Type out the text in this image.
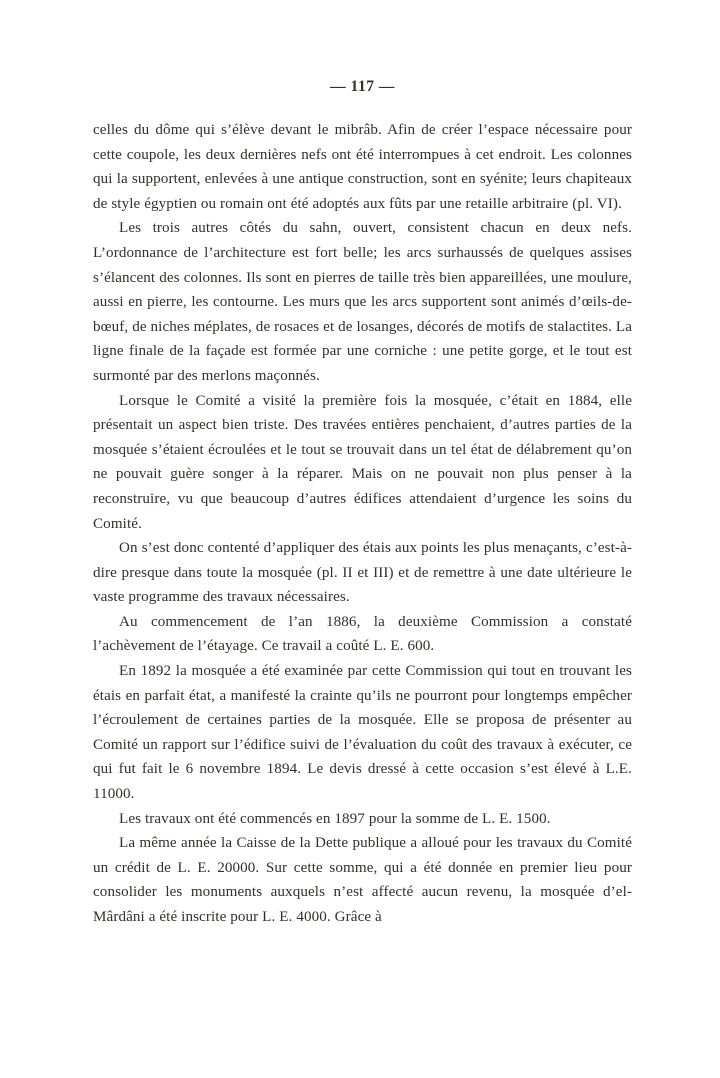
— 117 —

celles du dôme qui s’élève devant le mibrâb. Afin de créer l’espace nécessaire pour cette coupole, les deux dernières nefs ont été interrompues à cet endroit. Les colonnes qui la supportent, enlevées à une antique construction, sont en syénite; leurs chapiteaux de style égyptien ou romain ont été adoptés aux fûts par une retaille arbitraire (pl. VI).

Les trois autres côtés du sahn, ouvert, consistent chacun en deux nefs. L’ordonnance de l’architecture est fort belle; les arcs surhaussés de quelques assises s’élancent des colonnes. Ils sont en pierres de taille très bien appareillées, une moulure, aussi en pierre, les contourne. Les murs que les arcs supportent sont animés d’œils-de-bœuf, de niches méplates, de rosaces et de losanges, décorés de motifs de stalactites. La ligne finale de la façade est formée par une corniche : une petite gorge, et le tout est surmonté par des merlons maçonnés.

Lorsque le Comité a visité la première fois la mosquée, c’était en 1884, elle présentait un aspect bien triste. Des travées entières penchaient, d’autres parties de la mosquée s’étaient écroulées et le tout se trouvait dans un tel état de délabrement qu’on ne pouvait guère songer à la réparer. Mais on ne pouvait non plus penser à la reconstruire, vu que beaucoup d’autres édifices attendaient d’urgence les soins du Comité.

On s’est donc contenté d’appliquer des étais aux points les plus menaçants, c’est-à-dire presque dans toute la mosquée (pl. II et III) et de remettre à une date ultérieure le vaste programme des travaux nécessaires.

Au commencement de l’an 1886, la deuxième Commission a constaté l’achèvement de l’étayage. Ce travail a coûté L. E. 600.

En 1892 la mosquée a été examinée par cette Commission qui tout en trouvant les étais en parfait état, a manifesté la crainte qu’ils ne pourront pour longtemps empêcher l’écroulement de certaines parties de la mosquée. Elle se proposa de présenter au Comité un rapport sur l’édifice suivi de l’évaluation du coût des travaux à exécuter, ce qui fut fait le 6 novembre 1894. Le devis dressé à cette occasion s’est élevé à L.E. 11000.

Les travaux ont été commencés en 1897 pour la somme de L. E. 1500.

La même année la Caisse de la Dette publique a alloué pour les travaux du Comité un crédit de L. E. 20000. Sur cette somme, qui a été donnée en premier lieu pour consolider les monuments auxquels n’est affecté aucun revenu, la mosquée d’el-Mârdâni a été inscrite pour L. E. 4000. Grâce à
